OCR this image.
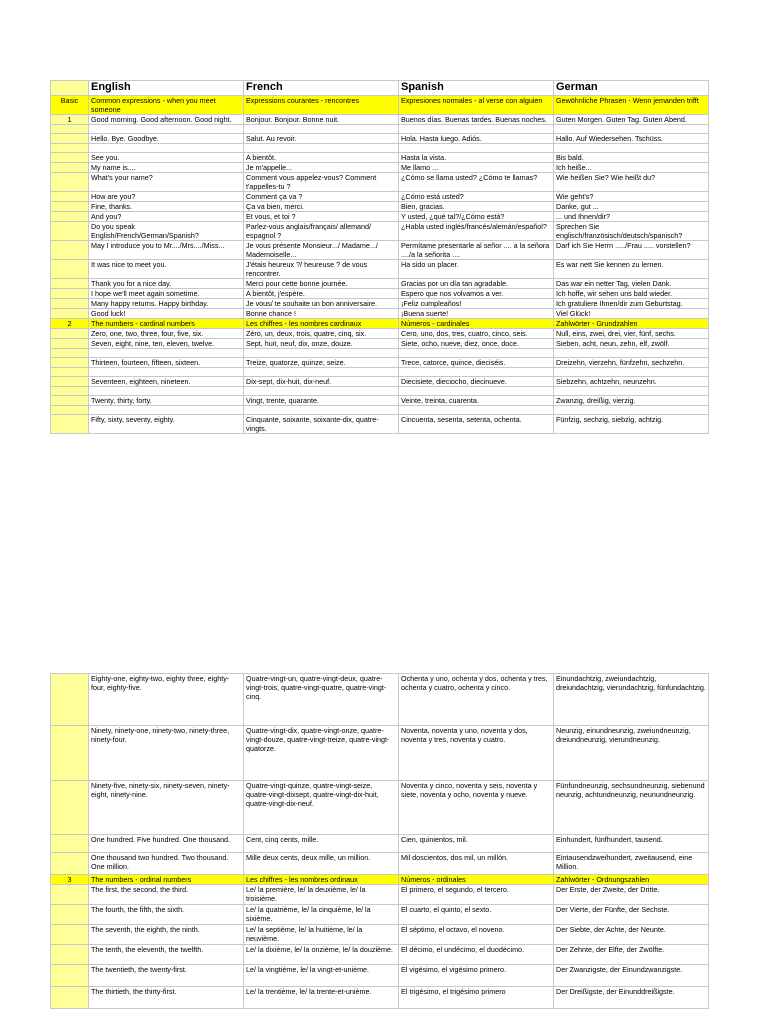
	English	French	Spanish	German
Basic	Common expressions - when you meet someone	Expressions courantes - rencontres	Expresiones normales - al verse con alguien	Gewöhnliche Phrasen - Wenn jemanden trifft
1	Good morning. Good afternoon. Good night.	Bonjour. Bonjour. Bonne nuit.	Buenos días. Buenas tardes. Buenas noches.	Guten Morgen. Guten Tag. Guten Abend.

	Hello. Bye. Goodbye.	Salut. Au revoir.	Hola. Hasta luego. Adiós.	Hallo. Auf Wiedersehen. Tschüss.

	See you.	A bientôt.	Hasta la vista.	Bis bald.
	My name is....	Je m'appelle...	Me llamo ...	Ich heiße...
	What's your name?	Comment vous appelez-vous? Comment t'appelles-tu ?	¿Cómo se llama usted? ¿Cómo te llamas?	Wie heißen Sie? Wie heißt du?
	How are you?	Comment ça va ?	¿Cómo está usted?	Wie geht's?
	Fine, thanks.	Ça va bien, merci.	Bien, gracias.	Danke, gut ...
	And you?	Et vous, et toi ?	Y usted, ¿qué tal?/¿Cómo está?	... und Ihnen/dir?
	Do you speak English/French/German/Spanish?	Parlez-vous anglais/français/ allemand/ espagnol ?	¿Habla usted inglés/francés/alemán/español?	Sprechen Sie englisch/französisch/deutsch/spanisch?
	May I introduce you to Mr..../Mrs..../Miss...	Je vous présente Monsieur.../ Madame.../ Mademoiselle...	Permítame presentarle al señor .... a la señora ..../a la señorita ....	Darf ich Sie Herrn ...../Frau ..... vorstellen?
	It was nice to meet you.	J'étais heureux ?/ heureuse ? de vous rencontrer.	Ha sido un placer.	Es war nett Sie kennen zu lernen.
	Thank you for a nice day.	Merci pour cette bonne journée.	Gracias por un día tan agradable.	Das war ein netter Tag, vielen Dank.
	I hope we'll meet again sometime.	A bientôt, j'espère.	Espero que nos volvamos a ver.	Ich hoffe, wir sehen uns bald wieder.
	Many happy returns. Happy birthday.	Je vous/ te souhaite un bon anniversaire.	¡Feliz cumpleaños!	Ich gratuliere Ihnen/dir zum Geburtstag.
	Good luck!	Bonne chance !	¡Buena suerte!	Viel Glück!
2	The numbers - cardinal numbers	Les chiffres - les nombres cardinaux	Números - cardinales	Zahlwörter - Grundzahlen
	Zero, one, two, three, four, five, six.	Zéro, un, deux, trois, quatre, cinq, six.	Cero, uno, dos, tres, cuatro, cinco, seis.	Null, eins, zwei, drei, vier, fünf, sechs.
	Seven, eight, nine, ten, eleven, twelve.	Sept, huit, neuf, dix, onze, douze.	Siete, ocho, nueve, diez, once, doce.	Sieben, acht, neun, zehn, elf, zwölf.

	Thirteen, fourteen, fifteen, sixteen.	Treize, quatorze, quinze, seize.	Trece, catorce, quince, dieciséis.	Dreizehn, vierzehn, fünfzehn, sechzehn.

	Seventeen, eighteen, nineteen.	Dix-sept, dix-huit, dix-neuf.	Diecisiete, dieciocho, diecinueve.	Siebzehn, achtzehn, neunzehn.

	Twenty, thirty, forty.	Vingt, trente, quarante.	Veinte, treinta, cuarenta.	Zwanzig, dreißig, vierzig.

	Fifty, sixty, seventy, eighty.	Cinquante, soixante, soixante-dix, quatre-vingts.	Cincuenta, sesenta, setenta, ochenta.	Fünfzig, sechzig, siebzig, achtzig.
	Eighty-one, eighty-two, eighty three, eighty-four, eighty-five.	Quatre-vingt-un, quatre-vingt-deux, quatre-vingt-trois, quatre-vingt-quatre, quatre-vingt-cinq.	Ochenta y uno, ochenta y dos, ochenta y tres, ochenta y cuatro, ochenta y cinco.	Einundachtzig, zweiundachtzig, dreiundachtzig, vierundachtzig, fünfundachtzig.
	Ninety, ninety-one, ninety-two, ninety-three, ninety-four.	Quatre-vingt-dix, quatre-vingt-onze, quatre-vingt-douze, quatre-vingt-treize, quatre-vingt-quatorze.	Noventa, noventa y uno, noventa y dos, noventa y tres, noventa y cuatro.	Neunzig, einundneunzig, zweiundneunzig, dreiundneunzig, vierundneunzig.
	Ninety-five, ninety-six, ninety-seven, ninety-eight, ninety-nine.	Quatre-vingt-quinze, quatre-vingt-seize, quatre-vingt-dixsept, quatre-vingt-dix-huit, quatre-vingt-dix-neuf.	Noventa y cinco, noventa y seis, noventa y siete, noventa y ocho, noventa y nueve.	Fünfundneunzig, sechsundneunzig, siebenund neunzig, achtundneunzig, neunundneunzig.
	One hundred. Five hundred. One thousand.	Cent, cinq cents, mille.	Cien, quinientos, mil.	Einhundert, fünfhundert, tausend.
	One thousand two hundred. Two thousand. One million.	Mille deux cents, deux mille, un million.	Mil doscientos, dos mil, un millón.	Eintausendzweihundert, zweitausend, eine Million.
3	The numbers - ordinal numbers	Les chiffres - les nombres ordinaux	Números - ordinales	Zahlwörter - Ordnungszahlen
	The first, the second, the third.	Le/ la première, le/ la deuxième, le/ la troisième.	El primero, el segundo, el tercero.	Der Erste, der Zweite, der Dritte.
	The fourth, the fifth, the sixth.	Le/ la quatrième, le/ la cinquième, le/ la sixième.	El cuarto, el quinto, el sexto.	Der Vierte, der Fünfte, der Sechste.
	The seventh, the eighth, the ninth.	Le/ la septième, le/ la huitième, le/ la neuvième.	El séptimo, el octavo, el noveno.	Der Siebte, der Achte, der Neunte.
	The tenth, the eleventh, the twelfth.	Le/ la dixième, le/ la onzième, le/ la douzième.	El décimo, el undécimo, el duodécimo.	Der Zehnte, der Elfte, der Zwölfte.
	The twentieth, the twenty-first.	Le/ la vingtième, le/ la vingt-et-unième.	El vigésimo, el vigésimo primero.	Der Zwanzigste, der Einundzwanzigste.
	The thirtieth, the thirty-first.	Le/ la trentième, le/ la trente-et-unième.	El trigésimo, el trigésimo primero	Der Dreißigste, der Einunddreißigste.
